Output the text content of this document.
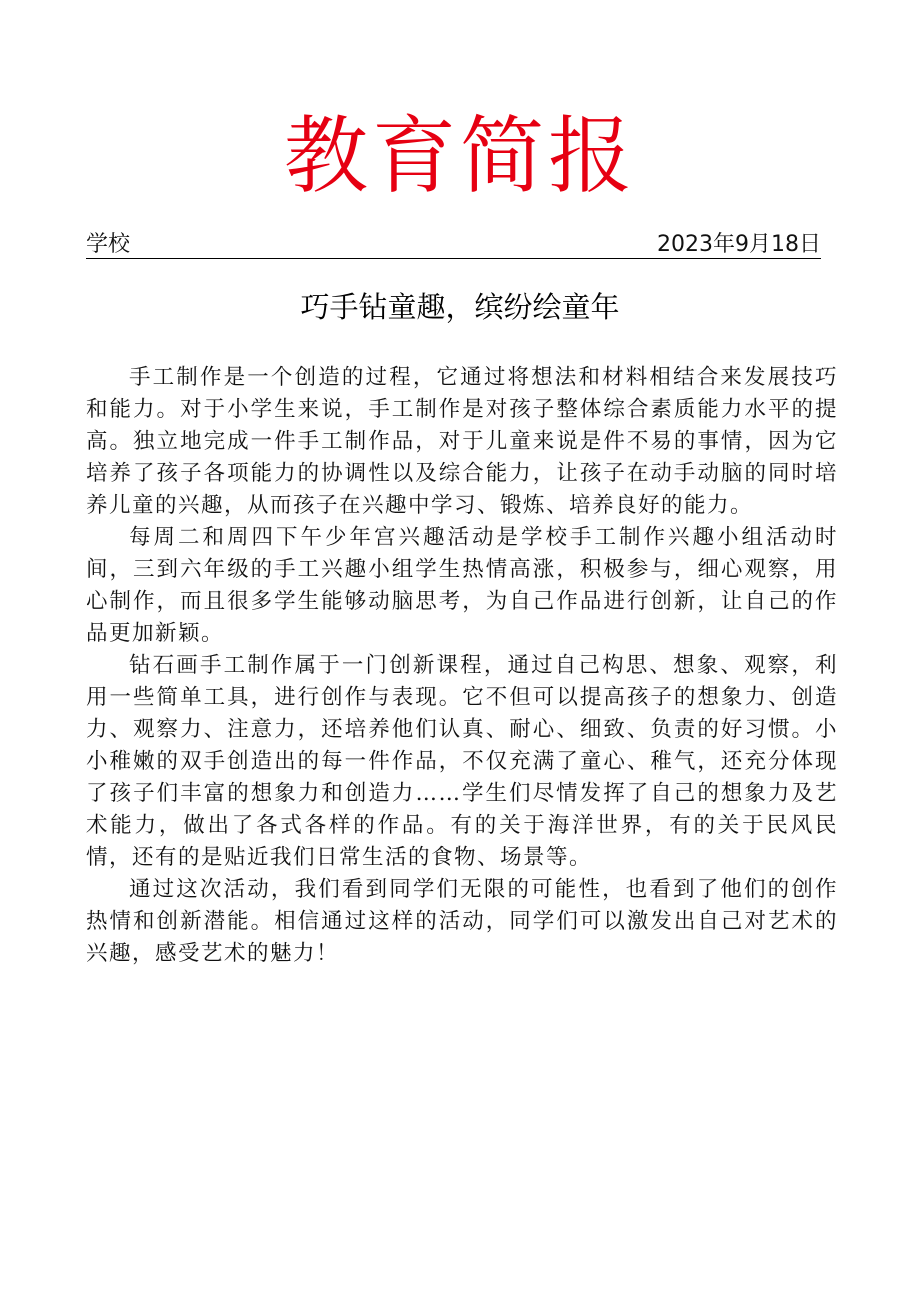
教育简报
学校	2023年9月18日
巧手钻童趣，缤纷绘童年

手工制作是一个创造的过程，它通过将想法和材料相结合来发展技巧和能力。对于小学生来说，手工制作是对孩子整体综合素质能力水平的提高。独立地完成一件手工制作品，对于儿童来说是件不易的事情，因为它培养了孩子各项能力的协调性以及综合能力，让孩子在动手动脑的同时培养儿童的兴趣，从而孩子在兴趣中学习、锻炼、培养良好的能力。

每周二和周四下午少年宫兴趣活动是学校手工制作兴趣小组活动时间，三到六年级的手工兴趣小组学生热情高涨，积极参与，细心观察，用心制作，而且很多学生能够动脑思考，为自己作品进行创新，让自己的作品更加新颖。

钻石画手工制作属于一门创新课程，通过自己构思、想象、观察，利用一些简单工具，进行创作与表现。它不但可以提高孩子的想象力、创造力、观察力、注意力，还培养他们认真、耐心、细致、负责的好习惯。小小稚嫩的双手创造出的每一件作品，不仅充满了童心、稚气，还充分体现了孩子们丰富的想象力和创造力……学生们尽情发挥了自己的想象力及艺术能力，做出了各式各样的作品。有的关于海洋世界，有的关于民风民情，还有的是贴近我们日常生活的食物、场景等。

通过这次活动，我们看到同学们无限的可能性，也看到了他们的创作热情和创新潜能。相信通过这样的活动，同学们可以激发出自己对艺术的兴趣，感受艺术的魅力！
